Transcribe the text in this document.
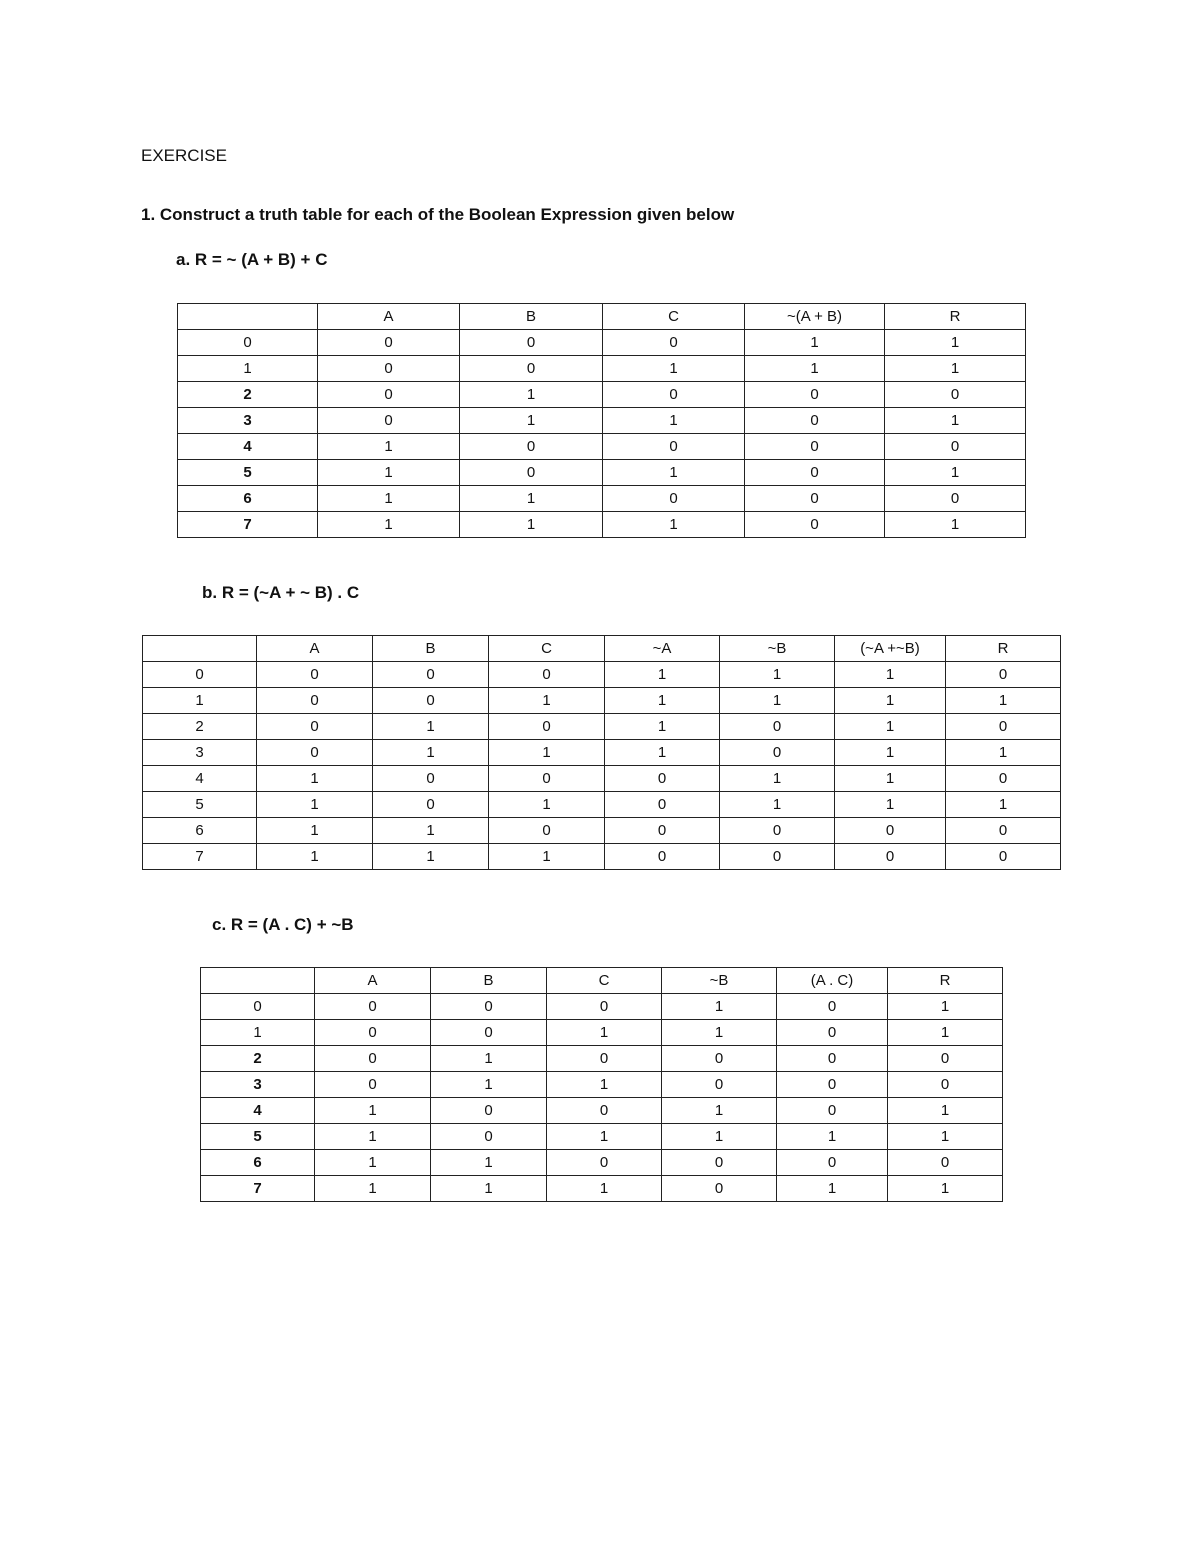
EXERCISE
1. Construct a truth table for each of the Boolean Expression given below
a. R = ~ (A + B) + C
	A	B	C	~(A + B)	R
0	0	0	0	1	1
1	0	0	1	1	1
2	0	1	0	0	0
3	0	1	1	0	1
4	1	0	0	0	0
5	1	0	1	0	1
6	1	1	0	0	0
7	1	1	1	0	1
b. R = (~A + ~ B) . C
	A	B	C	~A	~B	(~A +~B)	R
0	0	0	0	1	1	1	0
1	0	0	1	1	1	1	1
2	0	1	0	1	0	1	0
3	0	1	1	1	0	1	1
4	1	0	0	0	1	1	0
5	1	0	1	0	1	1	1
6	1	1	0	0	0	0	0
7	1	1	1	0	0	0	0
c. R = (A . C) + ~B
	A	B	C	~B	(A . C)	R
0	0	0	0	1	0	1
1	0	0	1	1	0	1
2	0	1	0	0	0	0
3	0	1	1	0	0	0
4	1	0	0	1	0	1
5	1	0	1	1	1	1
6	1	1	0	0	0	0
7	1	1	1	0	1	1
